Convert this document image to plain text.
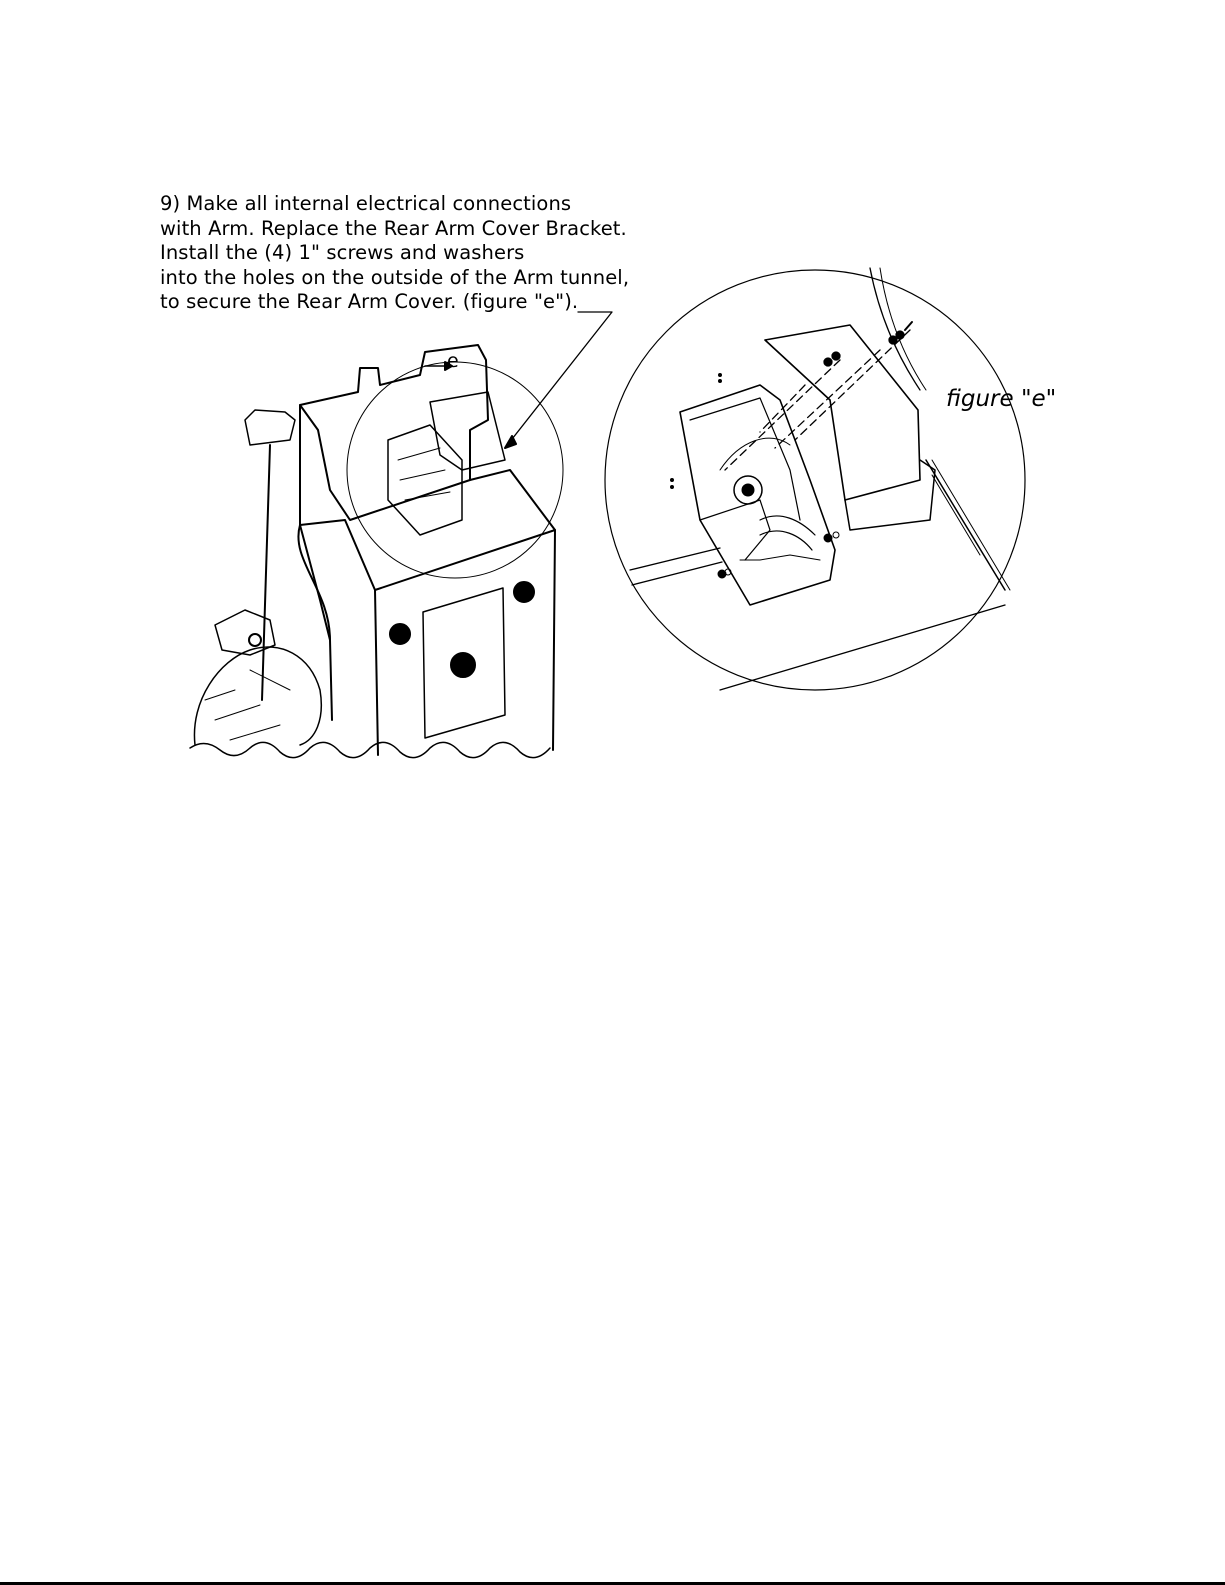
9) Make all internal electrical connections
with Arm. Replace the Rear Arm Cover Bracket.
Install the (4) 1" screws and washers
into the holes on the outside of the Arm tunnel,
to secure the Rear Arm Cover. (figure "e").
e
figure "e"
